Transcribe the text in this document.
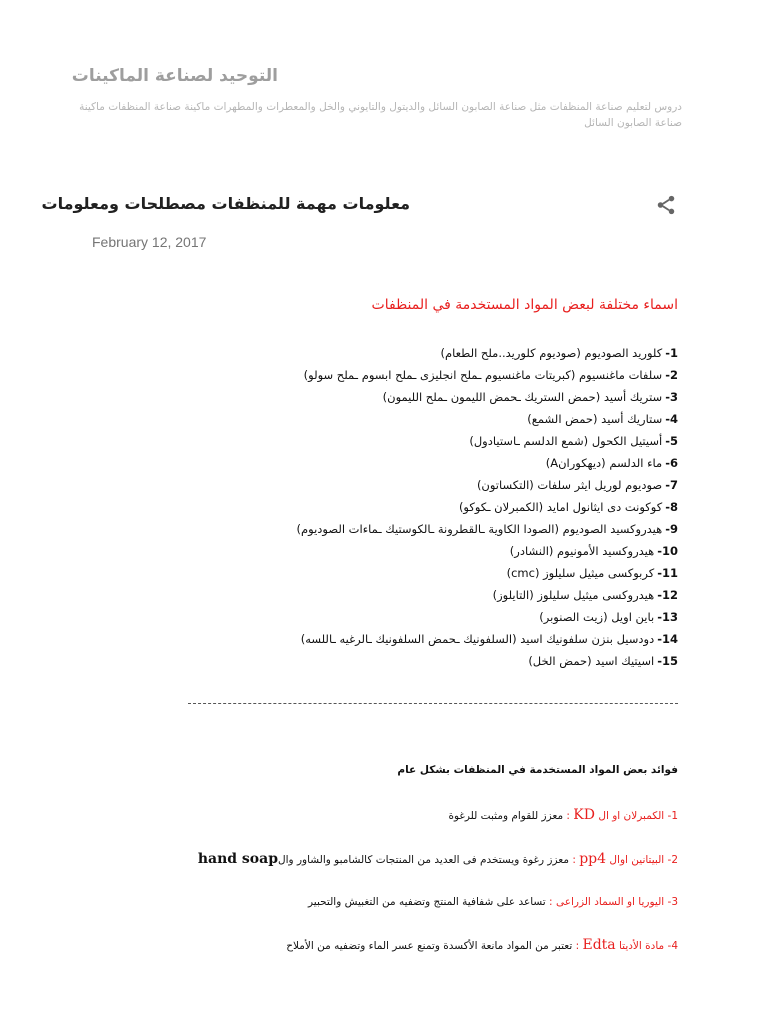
التوحيد لصناعة الماكينات
دروس لتعليم صناعة المنظفات مثل صناعة الصابون السائل والديتول والتايوني والخل والمعطرات والمطهرات ماكينة صناعة المنظفات ماكينة صناعة الصابون السائل
معلومات مهمة للمنظفات مصطلحات ومعلومات
February 12, 2017
اسماء مختلفة لبعض المواد المستخدمة في المنظفات
1-كلوريد الصوديوم (صوديوم كلوريد..ملح الطعام)
2-سلفات ماغنسيوم (كبريتات ماغنسيوم ـملح انجليزى ـملح ابسوم ـملح سولو)
3-ستريك أسيد (حمض الستريك ـحمض الليمون ـملح الليمون)
4-ستاريك أسيد (حمض الشمع)
5-أسيتيل الكحول (شمع الدلسم ـاستيادول)
6-ماء الدلسم (ديهكورانA)
7-صوديوم لوريل ايثر سلفات (التكساتون)
8-كوكونت دى ايثانول امايد (الكمبرلان ـكوكو)
9-هيدروكسيد الصوديوم (الصودا الكاوية ـالقطرونة ـالكوستيك ـماءات الصوديوم)
10-هيدروكسيد الأمونيوم (النشادر)
11-كربوكسى ميثيل سليلوز (cmc)
12-هيدروكسى ميثيل سليلوز (التايلوز)
13-باين اويل (زيت الصنوبر)
14-دودسيل بنزن سلفونيك اسيد (السلفونيك ـحمض السلفونيك ـالرغيه ـاللسه)
15-اسيتيك اسيد (حمض الخل)
فوائد بعض المواد المستخدمة في المنظفات بشكل عام
1- الكمبرلان او ال KD : معزز للقوام ومثبت للرغوة
2- البيتانين اوال pp4 : معزز رغوة ويستخدم فى العديد من المنتجات كالشامبو والشاور والhand soap
3- اليوريا او السماد الزراعى : تساعد على شفافية المنتج وتضفيه من التغبيش والتحبير
4- مادة الأديتا Edta : تعتبر من المواد مانعة الأكسدة وتمنع عسر الماء وتضفيه من الأملاح
